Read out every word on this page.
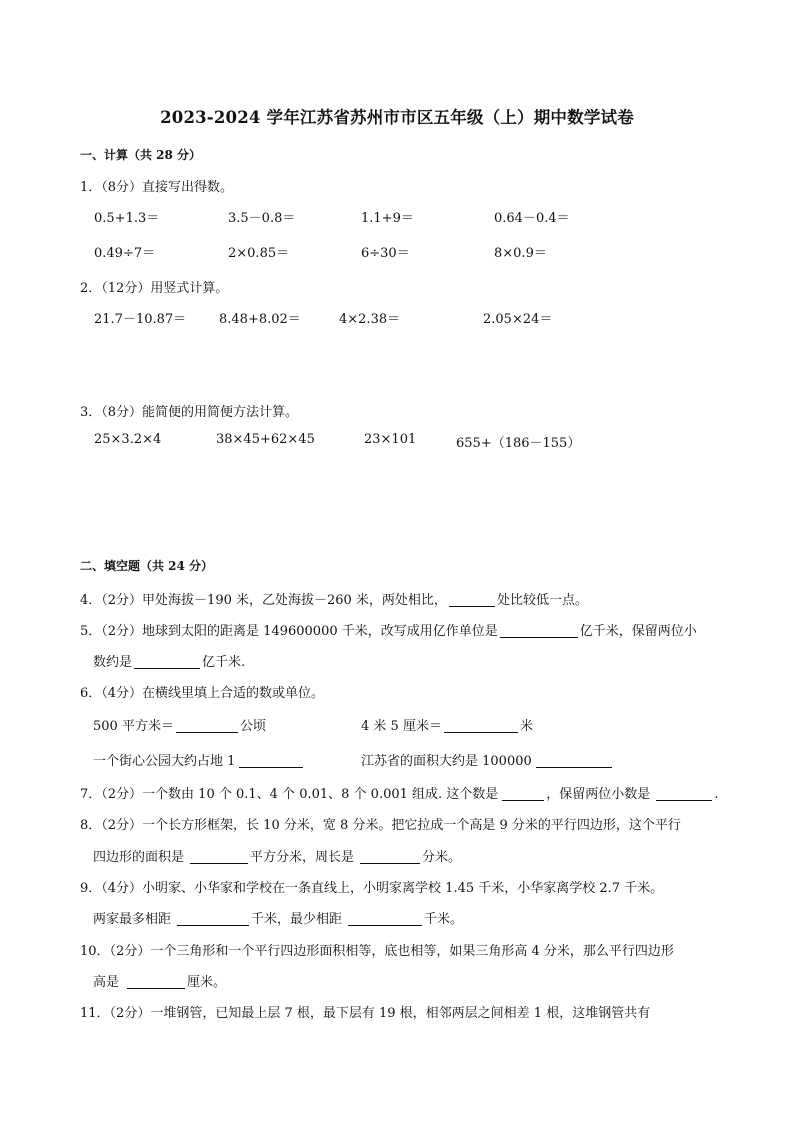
2023-2024 学年江苏省苏州市市区五年级（上）期中数学试卷
一、计算（共 28 分）
1．（8分）直接写出得数。
0.5+1.3＝	3.5－0.8＝	1.1+9＝	0.64－0.4＝
0.49÷7＝	2×0.85＝	6÷30＝	8×0.9＝
2．（12分）用竖式计算。
21.7－10.87＝	8.48+8.02＝	4×2.38＝	2.05×24＝
3．（8分）能简便的用简便方法计算。
25×3.2×4	38×45+62×45	23×101	655+（186－155）
二、填空题（共 24 分）
4．（2分）甲处海拔－190 米，乙处海拔－260 米，两处相比，	处比较低一点。
5．（2分）地球到太阳的距离是 149600000 千米，改写成用亿作单位是	亿千米，保留两位小
数约是	亿千米.
6．（4分）在横线里填上合适的数或单位。
500 平方米＝	公顷	4 米 5 厘米＝	米
一个街心公园大约占地 1	江苏省的面积大约是 100000
7．（2分）一个数由 10 个 0.1、4 个 0.01、8 个 0.001 组成. 这个数是	，保留两位小数是	.
8．（2分）一个长方形框架，长 10 分米，宽 8 分米。把它拉成一个高是 9 分米的平行四边形，这个平行
四边形的面积是	平方分米，周长是	分米。
9．（4分）小明家、小华家和学校在一条直线上，小明家离学校 1.45 千米，小华家离学校 2.7 千米。
两家最多相距	千米，最少相距	千米。
10．（2分）一个三角形和一个平行四边形面积相等，底也相等，如果三角形高 4 分米，那么平行四边形
高是	厘米。
11．（2分）一堆钢管，已知最上层 7 根，最下层有 19 根，相邻两层之间相差 1 根，这堆钢管共有
